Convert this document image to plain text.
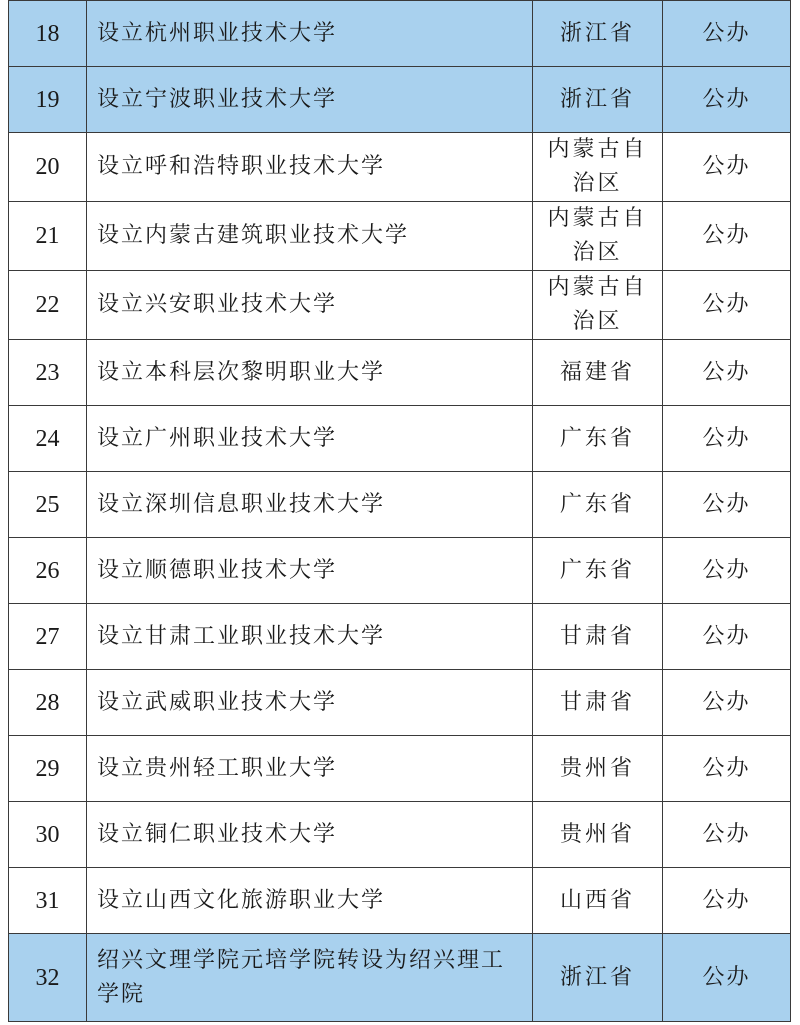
18	设立杭州职业技术大学	浙江省	公办
19	设立宁波职业技术大学	浙江省	公办
20	设立呼和浩特职业技术大学	内蒙古自治区	公办
21	设立内蒙古建筑职业技术大学	内蒙古自治区	公办
22	设立兴安职业技术大学	内蒙古自治区	公办
23	设立本科层次黎明职业大学	福建省	公办
24	设立广州职业技术大学	广东省	公办
25	设立深圳信息职业技术大学	广东省	公办
26	设立顺德职业技术大学	广东省	公办
27	设立甘肃工业职业技术大学	甘肃省	公办
28	设立武威职业技术大学	甘肃省	公办
29	设立贵州轻工职业大学	贵州省	公办
30	设立铜仁职业技术大学	贵州省	公办
31	设立山西文化旅游职业大学	山西省	公办
32	绍兴文理学院元培学院转设为绍兴理工学院	浙江省	公办
